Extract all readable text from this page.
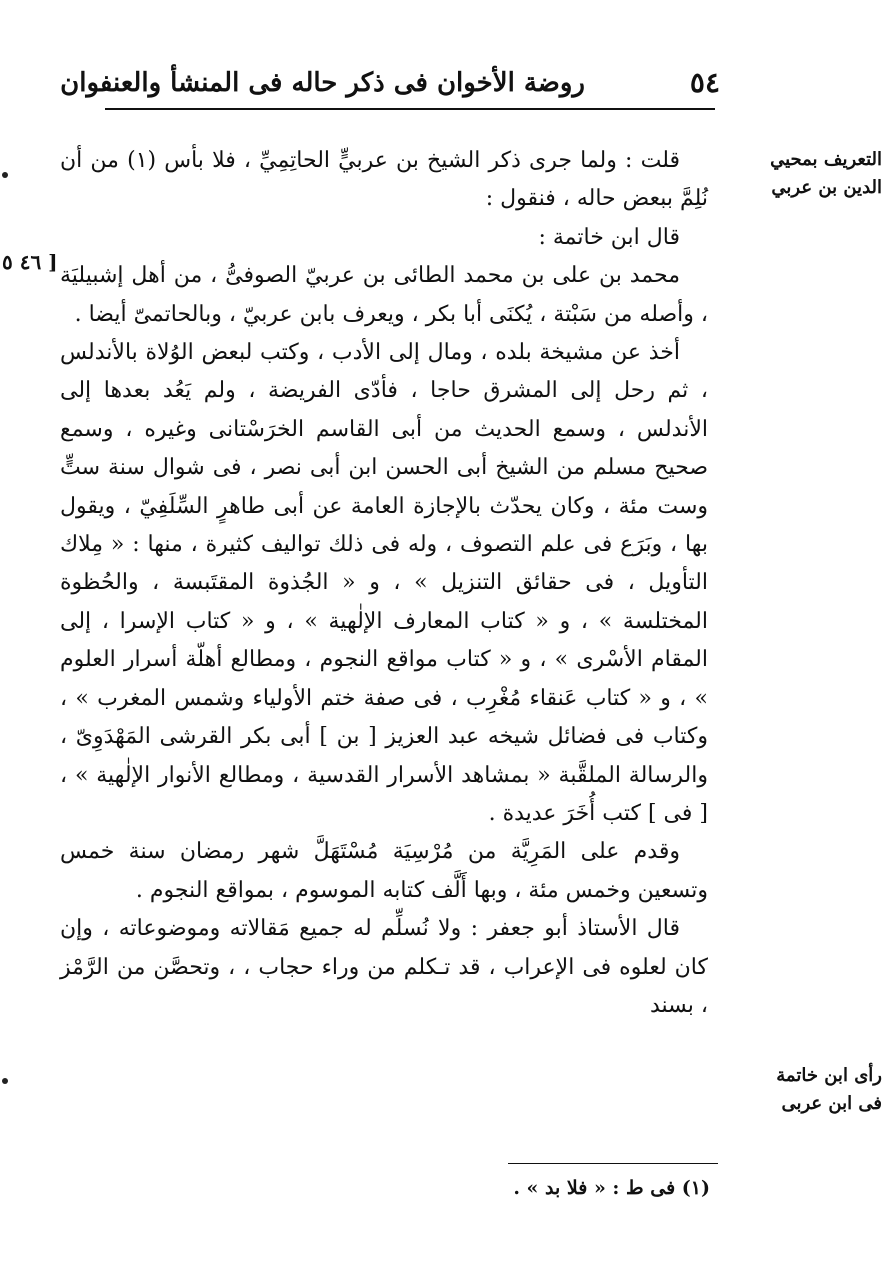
٥٤
روضة الأخوان فى ذكر حاله فى المنشأ والعنفوان
التعريف بمحيي الدين بن عربي
رأى ابن خاتمة فى ابن عربى
[ ٤٦ ٥

قلت : ولما جرى ذكر الشيخ بن عربيٍّ الحاتِمِيِّ ، فلا بأس (١) من أن نُلِمَّ ببعض حاله ، فنقول :

قال ابن خاتمة :

محمد بن على بن محمد الطائى بن عربيّ الصوفىُّ ، من أهل إشبيليَة ، وأصله من سَبْتة ، يُكنَى أبا بكر ، ويعرف بابن عربيّ ، وبالحاتمىّ أيضا .

أخذ عن مشيخة بلده ، ومال إلى الأدب ، وكتب لبعض الوُلاة بالأندلس ، ثم رحل إلى المشرق حاجا ، فأدّى الفريضة ، ولم يَعُد بعدها إلى الأندلس ، وسمع الحديث من أبى القاسم الخرَسْتانى وغيره ، وسمع صحيح مسلم من الشيخ أبى الحسن ابن أبى نصر ، فى شوال سنة ستٍّ وست مئة ، وكان يحدّث بالإجازة العامة عن أبى طاهرٍ السِّلَفِيّ ، ويقول بها ، وبَرَع فى علم التصوف ، وله فى ذلك تواليف كثيرة ، منها : « مِلاك التأويل ، فى حقائق التنزيل » ، و « الجُذوة المقتَبسة ، والحُظوة المختلسة » ، و « كتاب المعارف الإلٰهية » ، و « كتاب الإسرا ، إلى المقام الأسْرى » ، و « كتاب مواقع النجوم ، ومطالع أهلّة أسرار العلوم » ، و « كتاب عَنقاء مُغْرِب ، فى صفة ختم الأولياء وشمس المغرب » ، وكتاب فى فضائل شيخه عبد العزيز [ بن ] أبى بكر القرشى المَهْدَوِىّ ، والرسالة الملقَّبة « بمشاهد الأسرار القدسية ، ومطالع الأنوار الإلٰهية » ، [ فى ] كتب أُخَرَ عديدة .

وقدم على المَرِيَّة من مُرْسِيَة مُسْتَهَلَّ شهر رمضان سنة خمس وتسعين وخمس مئة ، وبها أَلَّف كتابه الموسوم ، بمواقع النجوم .

قال الأستاذ أبو جعفر : ولا نُسلِّم له جميع مَقالاته وموضوعاته ، وإن كان لعلوه فى الإعراب ، قد تـكلم من وراء حجاب ، ، وتحصَّن من الرَّمْز ، بسند

(١) فى ط : « فلا بد » .
